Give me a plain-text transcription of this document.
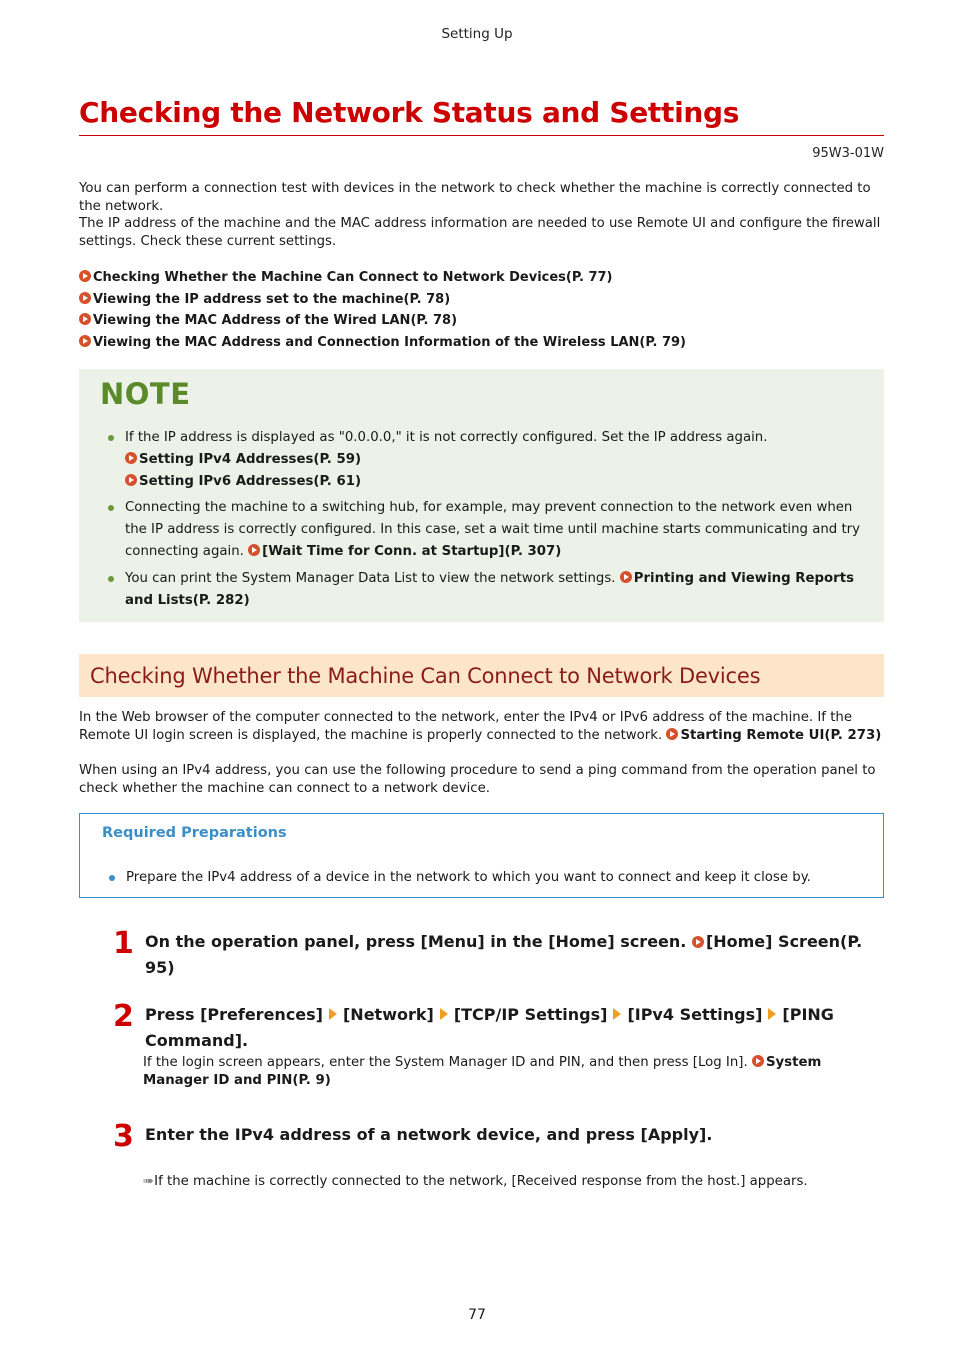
Setting Up
Checking the Network Status and Settings
95W3-01W

You can perform a connection test with devices in the network to check whether the machine is correctly connected to the network.

The IP address of the machine and the MAC address information are needed to use Remote UI and configure the firewall settings. Check these current settings.

Checking Whether the Machine Can Connect to Network Devices(P. 77)
Viewing the IP address set to the machine(P. 78)
Viewing the MAC Address of the Wired LAN(P. 78)
Viewing the MAC Address and Connection Information of the Wireless LAN(P. 79)
NOTE
If the IP address is displayed as "0.0.0.0," it is not correctly configured. Set the IP address again.
Setting IPv4 Addresses(P. 59)
Setting IPv6 Addresses(P. 61)
Connecting the machine to a switching hub, for example, may prevent connection to the network even when the IP address is correctly configured. In this case, set a wait time until machine starts communicating and try connecting again. [Wait Time for Conn. at Startup](P. 307)
You can print the System Manager Data List to view the network settings. Printing and Viewing Reports and Lists(P. 282)
Checking Whether the Machine Can Connect to Network Devices

In the Web browser of the computer connected to the network, enter the IPv4 or IPv6 address of the machine. If the Remote UI login screen is displayed, the machine is properly connected to the network. Starting Remote UI(P. 273)

When using an IPv4 address, you can use the following procedure to send a ping command from the operation panel to check whether the machine can connect to a network device.

Required Preparations
Prepare the IPv4 address of a device in the network to which you want to connect and keep it close by.
1 On the operation panel, press [Menu] in the [Home] screen. [Home] Screen(P. 95)

2 Press [Preferences] [Network] [TCP/IP Settings] [IPv4 Settings] [PING Command].

If the login screen appears, enter the System Manager ID and PIN, and then press [Log In]. System Manager ID and PIN(P. 9)

3 Enter the IPv4 address of a network device, and press [Apply].

➠If the machine is correctly connected to the network, [Received response from the host.] appears.

77
